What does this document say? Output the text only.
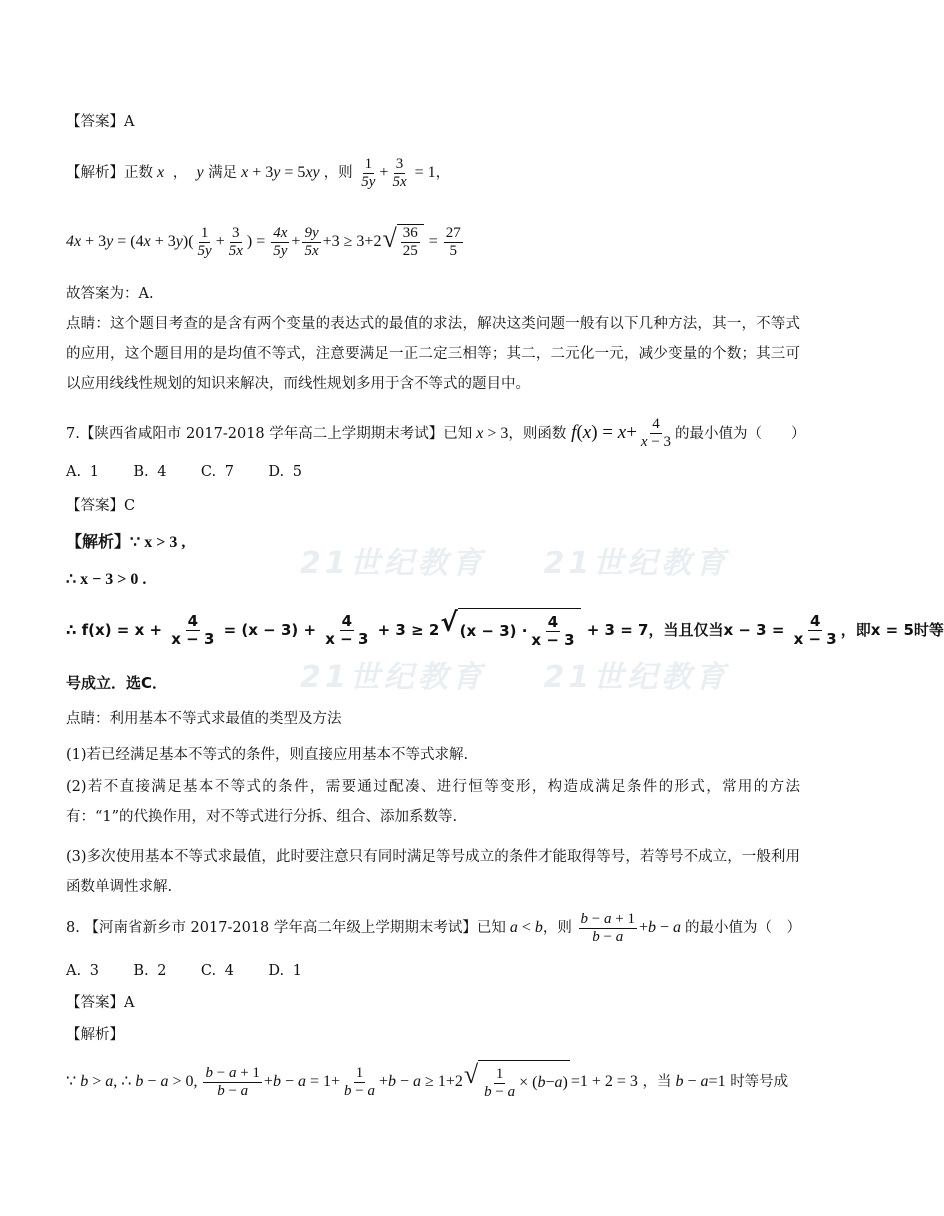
【答案】A
【解析】正数 x  ，  y 满足 x + 3y = 5xy ，则 $\frac{1}{5y} + \frac{3}{5x} = 1$，
$4x + 3y = (4x + 3y)( \frac{1}{5y} + \frac{3}{5x}$ ) = $\frac{4x}{5y} + \frac{9y}{5x} +3 \ge 3+2$ √ $\frac{36}{25} = \frac{27}{5}$
故答案为：A.
点睛：这个题目考查的是含有两个变量的表达式的最值的求法，解决这类问题一般有以下几种方法，其一，不等式的应用，这个题目用的是均值不等式，注意要满足一正二定三相等；其二，二元化一元，减少变量的个数；其三可以应用线线性规划的知识来解决，而线性规划多用于含不等式的题目中。
7.【陕西省咸阳市 2017-2018 学年高二上学期期末考试】已知 x > 3，则函数 $f(x) = x+ \frac{4}{x - 3}$ 的最小值为（　　）
A. 1 B. 4 C. 7 D. 5
【答案】C
21世纪教育 21世纪教育
21世纪教育 21世纪教育
【解析】∵ x > 3 ,
∴ x − 3 > 0 .
∴ $f(x) = x + \frac{4}{x - 3} = (x - 3) + \frac{4}{x - 3} + 3 \ge 2$ √ $(x - 3) \cdot \frac{4}{x - 3} + 3 = 7$，当且仅当$x - 3 = \frac{4}{x - 3}$ ，即x = 5时等
号成立．选C．
点睛：利用基本不等式求最值的类型及方法
(1)若已经满足基本不等式的条件，则直接应用基本不等式求解.
(2)若不直接满足基本不等式的条件，需要通过配凑、进行恒等变形，构造成满足条件的形式，常用的方法有：“1”的代换作用，对不等式进行分拆、组合、添加系数等.
(3)多次使用基本不等式求最值，此时要注意只有同时满足等号成立的条件才能取得等号，若等号不成立，一般利用函数单调性求解.
8. 【河南省新乡市 2017-2018 学年高二年级上学期期末考试】已知 a < b，则 $\frac{b - a + 1}{b - a} +b - a$ 的最小值为（　）
A. 3 B. 2 C. 4 D. 1
【答案】A
【解析】
∵ b > a, ∴ b − a > 0, $\frac{b - a + 1}{b - a} +b - a = 1+ \frac{1}{b - a} +b - a \ge 1+2$ √ $\frac{1}{b - a}$ × ( b − a ) =1 + 2 = 3 ，当 b − a=1 时等号成
